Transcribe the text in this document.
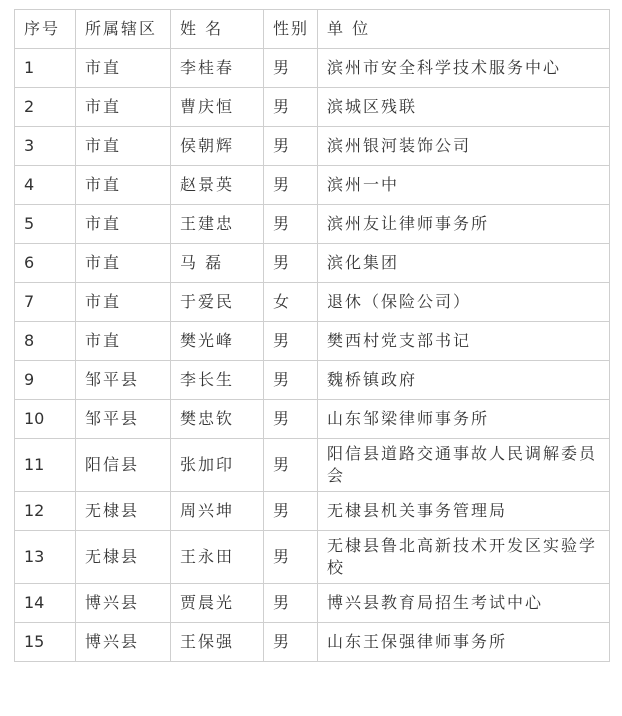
序号	所属辖区	姓 名	性别	单 位
1	市直	李桂春	男	滨州市安全科学技术服务中心
2	市直	曹庆恒	男	滨城区残联
3	市直	侯朝辉	男	滨州银河装饰公司
4	市直	赵景英	男	滨州一中
5	市直	王建忠	男	滨州友让律师事务所
6	市直	马 磊	男	滨化集团
7	市直	于爱民	女	退休（保险公司）
8	市直	樊光峰	男	樊西村党支部书记
9	邹平县	李长生	男	魏桥镇政府
10	邹平县	樊忠钦	男	山东邹梁律师事务所
11	阳信县	张加印	男	阳信县道路交通事故人民调解委员会
12	无棣县	周兴坤	男	无棣县机关事务管理局
13	无棣县	王永田	男	无棣县鲁北高新技术开发区实验学校
14	博兴县	贾晨光	男	博兴县教育局招生考试中心
15	博兴县	王保强	男	山东王保强律师事务所
